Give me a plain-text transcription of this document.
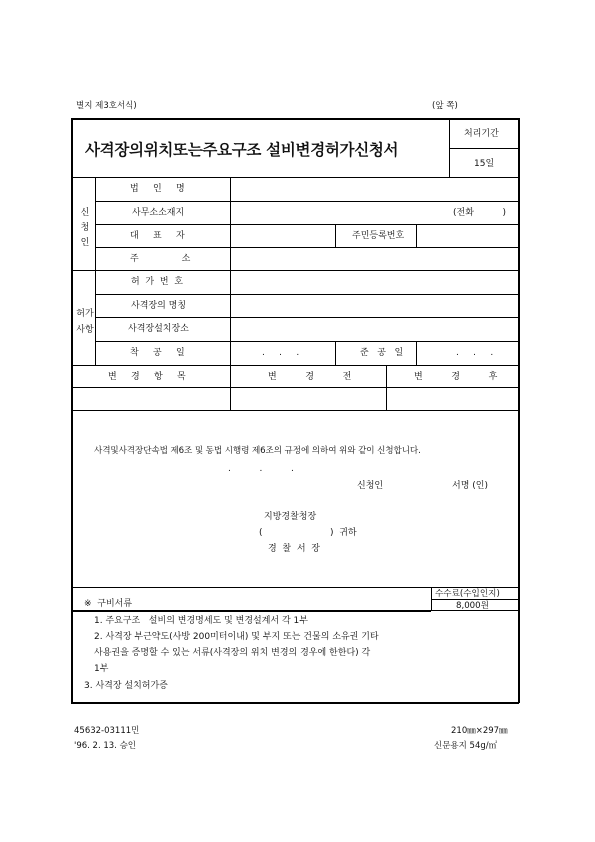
별지 제3호서식)	(앞 쪽)
사격장의위치또는주요구조 설비변경허가신청서
처리기간
15일
신
청
인
법     인     명
사무소소재지	(전화          )
대     표     자	주민등록번호
주               소
허가
사항
허  가  번  호
사격장의 명칭
사격장설치장소
착     공     일	.     .     .	준   공   일	.     .     .
변     경     항     목	변          경          전	변          경          후
사격및사격장단속법 제6조 및 동법 시행령 제6조의 규정에 의하여 위와 같이 신청합니다.
.          .          .
신청인	서명 (인)
지방경찰청장
(	)  귀하
경  찰  서  장
수수료(수입인지)
8,000원
※  구비서류
1. 주요구조   설비의 변경명세도 및 변경설계서 각 1부
2. 사격장 부근약도(사방 200미터이내) 및 부지 또는 건물의 소유권 기타
사용권을 증명할 수 있는 서류(사격장의 위치 변경의 경우에 한한다) 각
1부
3. 사격장 설치허가증
45632-03111민
'96. 2. 13. 승인
210㎜×297㎜
신문용지 54g/㎡
